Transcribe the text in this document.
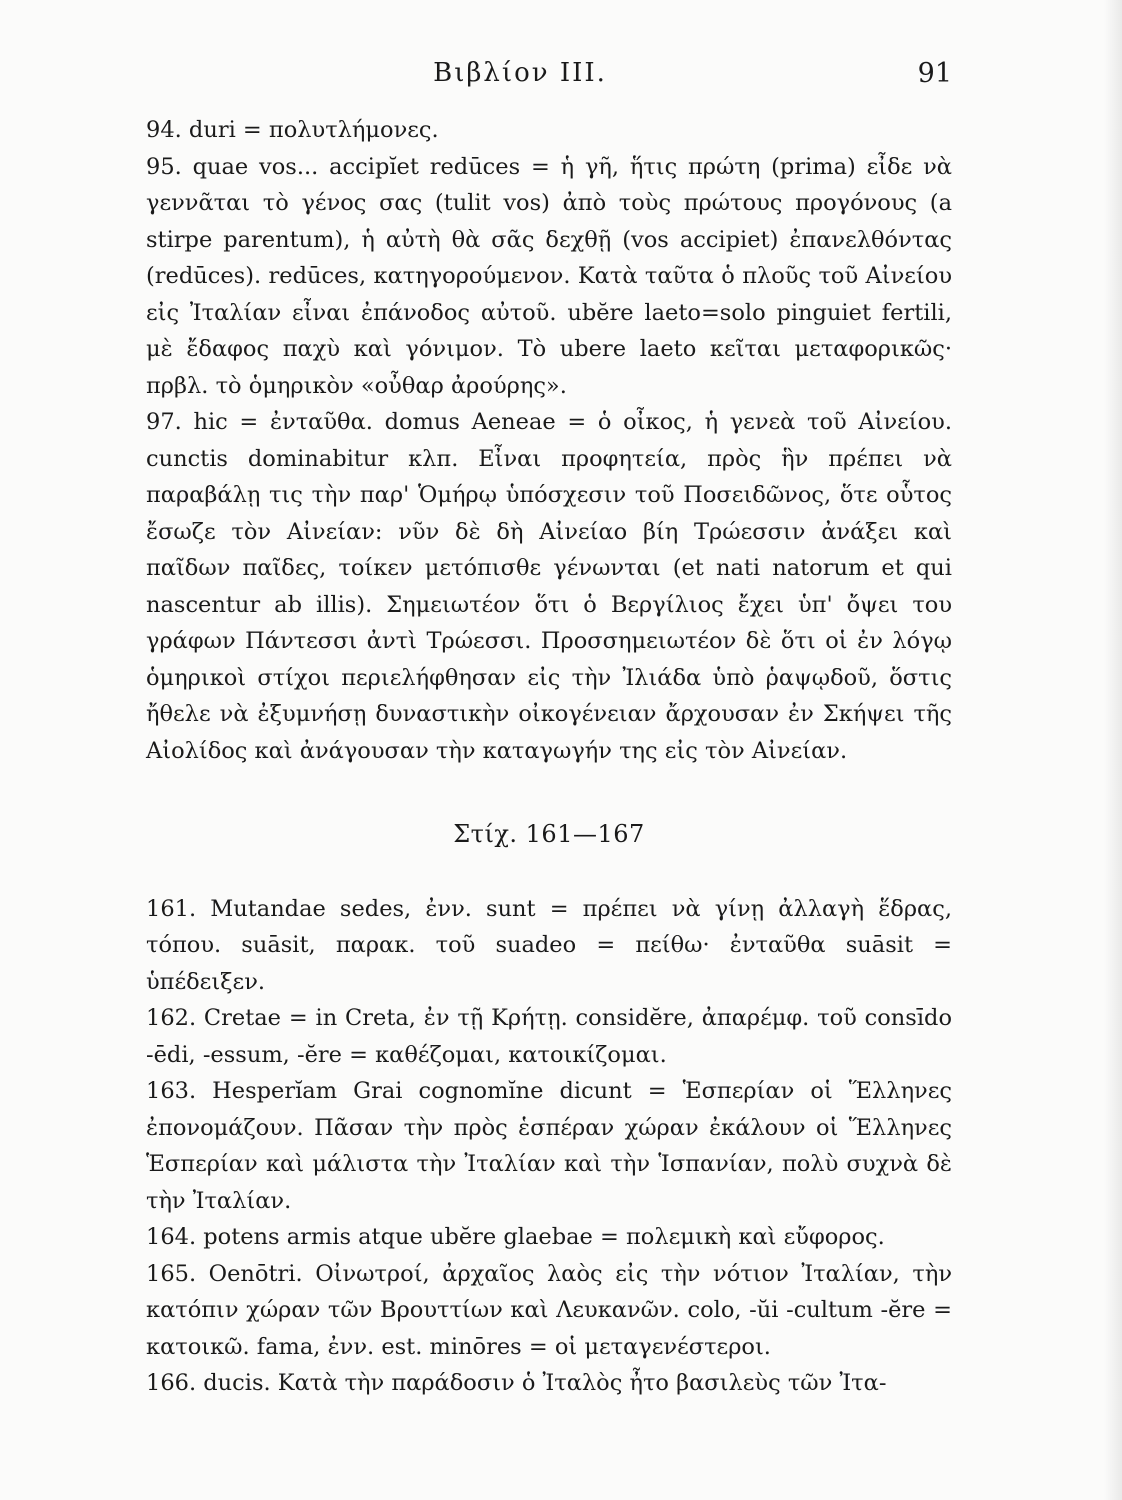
Βιβλίον III.	91

94. duri = πολυτλήμονες.

95. quae vos... accipĭet redūces = ἡ γῆ, ἥτις πρώτη (prima) εἶδε νὰ γεννᾶται τὸ γένος σας (tulit vos) ἀπὸ τοὺς πρώτους προγόνους (a stirpe parentum), ἡ αὐτὴ θὰ σᾶς δεχθῇ (vos accipiet) ἐπανελθόντας (redūces). redūces, κατηγορούμενον. Κατὰ ταῦτα ὁ πλοῦς τοῦ Αἰνείου εἰς Ἰταλίαν εἶναι ἐπάνοδος αὐτοῦ. ubĕre laeto=solo pinguiet fertili, μὲ ἔδαφος παχὺ καὶ γόνιμον. Τὸ ubere laeto κεῖται μεταφορικῶς· πρβλ. τὸ ὁμηρικὸν «οὖθαρ ἀρούρης».

97. hic = ἐνταῦθα. domus Aeneae = ὁ οἶκος, ἡ γενεὰ τοῦ Αἰνείου. cunctis dominabitur κλπ. Εἶναι προφητεία, πρὸς ἣν πρέπει νὰ παραβάλῃ τις τὴν παρ' Ὁμήρῳ ὑπόσχεσιν τοῦ Ποσειδῶνος, ὅτε οὗτος ἔσωζε τὸν Αἰνείαν: νῦν δὲ δὴ Αἰνείαο βίη Τρώεσσιν ἀνάξει καὶ παῖδων παῖδες, τοίκεν μετόπισθε γένωνται (et nati natorum et qui nascentur ab illis). Σημειωτέον ὅτι ὁ Βεργίλιος ἔχει ὑπ' ὄψει του γράφων Πάντεσσι ἀντὶ Τρώεσσι. Προσσημειωτέον δὲ ὅτι οἱ ἐν λόγῳ ὁμηρικοὶ στίχοι περιελήφθησαν εἰς τὴν Ἰλιάδα ὑπὸ ῥαψῳδοῦ, ὅστις ἤθελε νὰ ἐξυμνήσῃ δυναστικὴν οἰκογένειαν ἄρχουσαν ἐν Σκήψει τῆς Αἰολίδος καὶ ἀνάγουσαν τὴν καταγωγήν της εἰς τὸν Αἰνείαν.

Στίχ. 161—167

161. Mutandae sedes, ἐνν. sunt = πρέπει νὰ γίνῃ ἀλλαγὴ ἕδρας, τόπου. suāsit, παρακ. τοῦ suadeo = πείθω· ἐνταῦθα suāsit = ὑπέδειξεν.

162. Cretae = in Creta, ἐν τῇ Κρήτῃ. considĕre, ἀπαρέμφ. τοῦ consīdo -ēdi, -essum, -ĕre = καθέζομαι, κατοικίζομαι.

163. Hesperĭam Grai cognomĭne dicunt = Ἑσπερίαν οἱ Ἕλληνες ἐπονομάζουν. Πᾶσαν τὴν πρὸς ἑσπέραν χώραν ἐκάλουν οἱ Ἕλληνες Ἑσπερίαν καὶ μάλιστα τὴν Ἰταλίαν καὶ τὴν Ἱσπανίαν, πολὺ συχνὰ δὲ τὴν Ἰταλίαν.

164. potens armis atque ubĕre glaebae = πολεμικὴ καὶ εὔφορος.

165. Oenōtri. Οἰνωτροί, ἀρχαῖος λαὸς εἰς τὴν νότιον Ἰταλίαν, τὴν κατόπιν χώραν τῶν Βρουττίων καὶ Λευκανῶν. colo, -ŭi -cultum -ĕre = κατοικῶ. fama, ἐνν. est. minōres = οἱ μεταγενέστεροι.

166. ducis. Κατὰ τὴν παράδοσιν ὁ Ἰταλὸς ἦτο βασιλεὺς τῶν Ἰτα-
